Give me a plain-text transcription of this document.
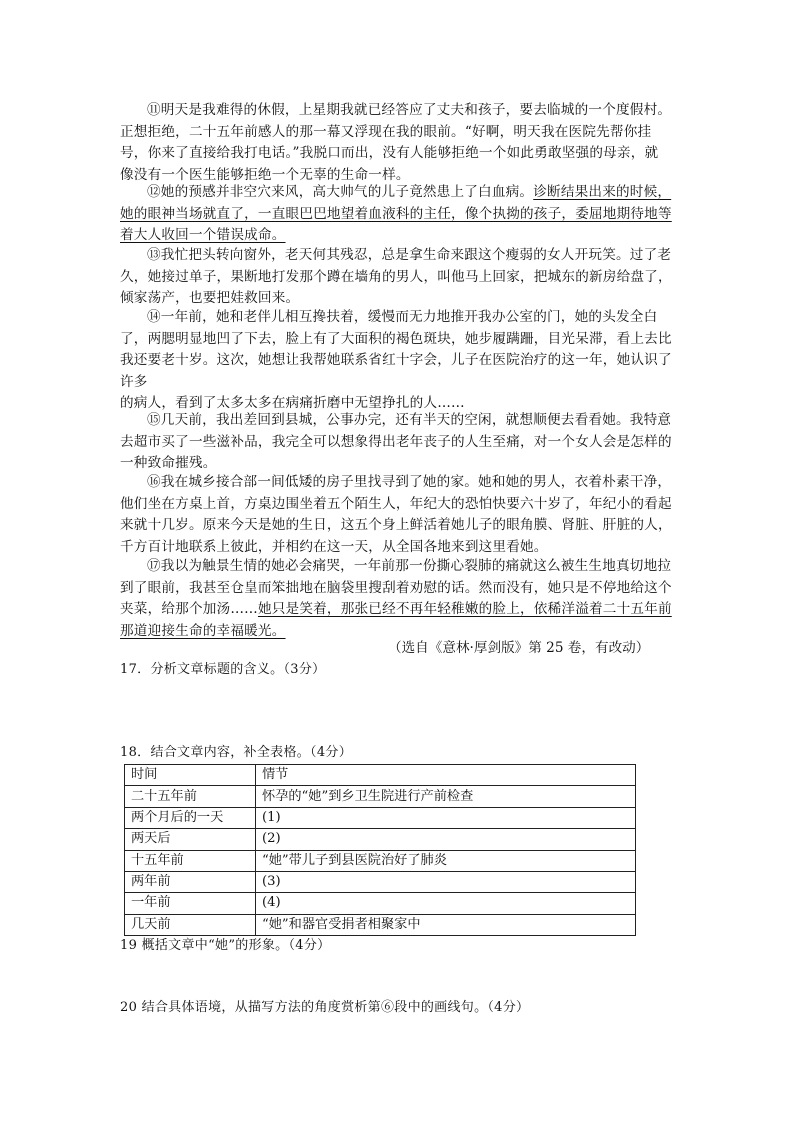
⑪明天是我难得的休假，上星期我就已经答应了丈夫和孩子，要去临城的一个度假村。正想拒绝，二十五年前感人的那一幕又浮现在我的眼前。“好啊，明天我在医院先帮你挂号，你来了直接给我打电话。”我脱口而出，没有人能够拒绝一个如此勇敢坚强的母亲，就像没有一个医生能够拒绝一个无辜的生命一样。

⑫她的预感并非空穴来风，高大帅气的儿子竟然患上了白血病。诊断结果出来的时候，她的眼神当场就直了，一直眼巴巴地望着血液科的主任，像个执拗的孩子，委屈地期待地等着大人收回一个错误成命。

⑬我忙把头转向窗外，老天何其残忍，总是拿生命来跟这个瘦弱的女人开玩笑。过了老久，她接过单子，果断地打发那个蹲在墙角的男人，叫他马上回家，把城东的新房给盘了，倾家荡产，也要把娃救回来。

⑭一年前，她和老伴儿相互搀扶着，缓慢而无力地推开我办公室的门，她的头发全白了，两腮明显地凹了下去，脸上有了大面积的褐色斑块，她步履蹒跚，目光呆滞，看上去比我还要老十岁。这次，她想让我帮她联系省红十字会，儿子在医院治疗的这一年，她认识了许多
的病人，看到了太多太多在病痛折磨中无望挣扎的人……

⑮几天前，我出差回到县城，公事办完，还有半天的空闲，就想顺便去看看她。我特意去超市买了一些滋补品，我完全可以想象得出老年丧子的人生至痛，对一个女人会是怎样的一种致命摧残。

⑯我在城乡接合部一间低矮的房子里找寻到了她的家。她和她的男人，衣着朴素干净，他们坐在方桌上首，方桌边围坐着五个陌生人，年纪大的恐怕快要六十岁了，年纪小的看起来就十几岁。原来今天是她的生日，这五个身上鲜活着她儿子的眼角膜、肾脏、肝脏的人，千方百计地联系上彼此，并相约在这一天，从全国各地来到这里看她。

⑰我以为触景生情的她必会痛哭，一年前那一份撕心裂肺的痛就这么被生生地真切地拉到了眼前，我甚至仓皇而笨拙地在脑袋里搜刮着劝慰的话。然而没有，她只是不停地给这个夹菜，给那个加汤……她只是笑着，那张已经不再年轻稚嫩的脸上，依稀洋溢着二十五年前那道迎接生命的幸福暖光。

（选自《意林·厚剑版》第 25 卷，有改动）
17．分析文章标题的含义。（3分）
18．结合文章内容，补全表格。（4分）
时间	情节
二十五年前	怀孕的“她”到乡卫生院进行产前检查
两个月后的一天	(1)
两天后	(2)
十五年前	“她”带儿子到县医院治好了肺炎
两年前	(3)
一年前	(4)
几天前	“她”和器官受捐者相聚家中
19 概括文章中“她”的形象。（4分）
20 结合具体语境，从描写方法的角度赏析第⑥段中的画线句。（4分）
